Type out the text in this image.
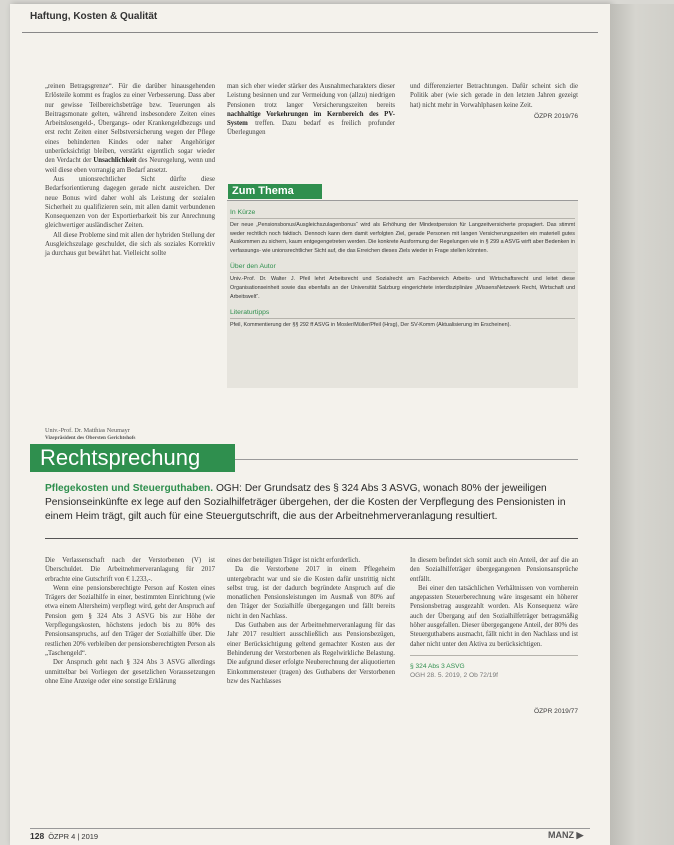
Haftung, Kosten & Qualität

„reinen Betragsgrenze“. Für die darüber hinausgehenden Erlösteile kommt es fraglos zu einer Verbesserung. Dass aber nur gewisse Teilbereichsbeträge bzw. Teuerungen als Beitragsmonate gelten, während insbesondere Zeiten eines Arbeitslosengeld-, Übergangs- oder Krankengeldbezugs und erst recht Zeiten einer Selbstversicherung wegen der Pflege eines behinderten Kindes oder naher Angehöriger unberücksichtigt bleiben, verstärkt eigentlich sogar wieder den Verdacht der Unsachlichkeit des Neuregelung, wenn und weil diese eben vorrangig am Bedarf ansetzt.

Aus unionsrechtlicher Sicht dürfte diese Bedarfsorientierung dagegen gerade nicht ausreichen. Der neue Bonus wird daher wohl als Leistung der sozialen Sicherheit zu qualifizieren sein, mit allen damit verbundenen Konsequenzen von der Exportierbarkeit bis zur Anrechnung gleichwertiger ausländischer Zeiten.

All diese Probleme sind mit allen der hybriden Stellung der Ausgleichszulage geschuldet, die sich als soziales Korrektiv ja durchaus gut bewährt hat. Vielleicht sollte

man sich eher wieder stärker des Ausnahmecharakters dieser Leistung besinnen und zur Vermeidung von (allzu) niedrigen Pensionen trotz langer Versicherungszeiten bereits nachhaltige Vorkehrungen im Kernbereich des PV-System treffen. Dazu bedarf es freilich profunder Überlegungen

und differenzierter Betrachtungen. Dafür scheint sich die Politik aber (wie sich gerade in den letzten Jahren gezeigt hat) nicht mehr in Vorwahlphasen keine Zeit.

ÖZPR 2019/76

Zum Thema

In Kürze

Der neue „Pensionsbonus/Ausgleichszulagenbonus“ wird als Erhöhung der Mindestpension für Langzeitversicherte propagiert. Das stimmt weder rechtlich noch faktisch. Dennoch kann dem damit verfolgten Ziel, gerade Personen mit langen Versicherungszeiten ein materiell gutes Auskommen zu sichern, kaum entgegengetreten werden. Die konkrete Ausformung der Regelungen wie in § 299 a ASVG wirft aber Bedenken in verfassungs- wie unionsrechtlicher Sicht auf, die das Erreichen dieses Ziels wieder in Frage stellen könnten.

Über den Autor

Univ.-Prof. Dr. Walter J. Pfeil lehrt Arbeitsrecht und Sozialrecht am Fachbereich Arbeits- und Wirtschaftsrecht und leitet diese Organisationseinheit sowie das ebenfalls an der Universität Salzburg eingerichtete interdisziplinäre „WissensNetzwerk Recht, Wirtschaft und Arbeitswelt“.

Literaturtipps

Pfeil, Kommentierung der §§ 292 ff ASVG in Mosler/Müller/Pfeil (Hrsg), Der SV-Komm (Aktualisierung im Erscheinen).

Univ.-Prof. Dr. Matthias Neumayr
Vizepräsident des Obersten Gerichtshofs
Rechtsprechung
Pflegekosten und Steuerguthaben. OGH: Der Grundsatz des § 324 Abs 3 ASVG, wonach 80% der jeweiligen Pensionseinkünfte ex lege auf den Sozialhilfeträger übergehen, der die Kosten der Verpflegung des Pensionisten in einem Heim trägt, gilt auch für eine Steuergutschrift, die aus der Arbeitnehmerveranlagung resultiert.

Die Verlassenschaft nach der Verstorbenen (V) ist Überschuldet. Die Arbeitnehmerveranlagung für 2017 erbrachte eine Gutschrift von € 1.233,-.

Wenn eine pensionsberechtigte Person auf Kosten eines Trägers der Sozialhilfe in einer, bestimmten Einrichtung (wie etwa einem Altersheim) verpflegt wird, geht der Anspruch auf Pension gem § 324 Abs 3 ASVG bis zur Höhe der Verpflegungskosten, höchstens jedoch bis zu 80% des Pensionsanspruchs, auf den Träger der Sozialhilfe über. Die restlichen 20% verbleiben der pensionsberechtigten Person als „Taschengeld“.

Der Anspruch geht nach § 324 Abs 3 ASVG allerdings unmittelbar bei Vorliegen der gesetzlichen Voraussetzungen ohne Eine Anzeige oder eine sonstige Erklärung

eines der beteiligten Träger ist nicht erforderlich.

Da die Verstorbene 2017 in einem Pflegeheim untergebracht war und sie die Kosten dafür unstrittig nicht selbst trug, ist der dadurch begründete Anspruch auf die monatlichen Pensionsleistungen im Ausmaß von 80% auf den Träger der Sozialhilfe übergegangen und fällt bereits nicht in den Nachlass.

Das Guthaben aus der Arbeitnehmerveranlagung für das Jahr 2017 resultiert ausschließlich aus Pensionsbezügen, einer Berücksichtigung geltend gemachter Kosten aus der Behinderung der Verstorbenen als Regelwirkliche Belastung. Die aufgrund dieser erfolgte Neuberechnung der aliquotierten Einkommensteuer (tragen) des Guthabens der Verstorbenen bzw des Nachlasses

In diesem befindet sich somit auch ein Anteil, der auf die an den Sozialhilfeträger übergegangenen Pensionsansprüche entfällt.

Bei einer den tatsächlichen Verhältnissen von vornherein angepassten Steuerberechnung wäre insgesamt ein höherer Pensionsbetrag ausgezahlt worden. Als Konsequenz wäre auch der Übergang auf den Sozialhilfeträger betragsmäßig höher ausgefallen. Dieser übergegangene Anteil, der 80% des Steuerguthabens ausmacht, fällt nicht in den Nachlass und ist daher nicht unter den Aktiva zu berücksichtigen.

§ 324 Abs 3 ASVG

OGH 28. 5. 2019, 2 Ob 72/19f

ÖZPR 2019/77

128 ÖZPR 4 | 2019	MANZ ▶
